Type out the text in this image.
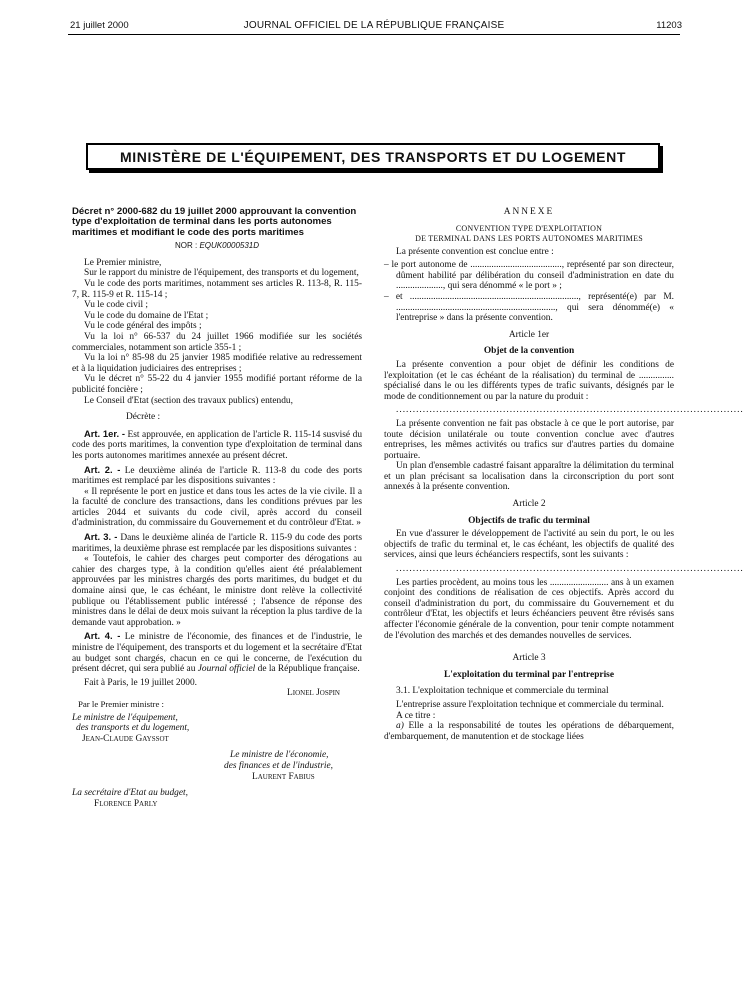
21 juillet 2000	JOURNAL OFFICIEL DE LA RÉPUBLIQUE FRANÇAISE	11203
MINISTÈRE DE L'ÉQUIPEMENT, DES TRANSPORTS ET DU LOGEMENT
Décret n° 2000-682 du 19 juillet 2000 approuvant la convention type d'exploitation de terminal dans les ports autonomes maritimes et modifiant le code des ports maritimes
NOR : EQUK0000531D

Le Premier ministre,

Sur le rapport du ministre de l'équipement, des transports et du logement,

Vu le code des ports maritimes, notamment ses articles R. 113-8, R. 115-7, R. 115-9 et R. 115-14 ;

Vu le code civil ;

Vu le code du domaine de l'Etat ;

Vu le code général des impôts ;

Vu la loi n° 66-537 du 24 juillet 1966 modifiée sur les sociétés commerciales, notamment son article 355-1 ;

Vu la loi n° 85-98 du 25 janvier 1985 modifiée relative au redressement et à la liquidation judiciaires des entreprises ;

Vu le décret n° 55-22 du 4 janvier 1955 modifié portant réforme de la publicité foncière ;

Le Conseil d'Etat (section des travaux publics) entendu,

Décrète :

Art. 1er. - Est approuvée, en application de l'article R. 115-14 susvisé du code des ports maritimes, la convention type d'exploitation de terminal dans les ports autonomes maritimes annexée au présent décret.

Art. 2. - Le deuxième alinéa de l'article R. 113-8 du code des ports maritimes est remplacé par les dispositions suivantes :

« Il représente le port en justice et dans tous les actes de la vie civile. Il a la faculté de conclure des transactions, dans les conditions prévues par les articles 2044 et suivants du code civil, après accord du conseil d'administration, du commissaire du Gouvernement et du contrôleur d'Etat. »

Art. 3. - Dans le deuxième alinéa de l'article R. 115-9 du code des ports maritimes, la deuxième phrase est remplacée par les dispositions suivantes :

« Toutefois, le cahier des charges peut comporter des dérogations au cahier des charges type, à la condition qu'elles aient été préalablement approuvées par les ministres chargés des ports maritimes, du budget et du domaine ainsi que, le cas échéant, le ministre dont relève la collectivité publique ou l'établissement public intéressé ; l'absence de réponse des ministres dans le délai de deux mois suivant la réception la plus tardive de la demande vaut approbation. »

Art. 4. - Le ministre de l'économie, des finances et de l'industrie, le ministre de l'équipement, des transports et du logement et la secrétaire d'Etat au budget sont chargés, chacun en ce qui le concerne, de l'exécution du présent décret, qui sera publié au Journal officiel de la République française.

Fait à Paris, le 19 juillet 2000.

Lionel Jospin

Par le Premier ministre :

Le ministre de l'équipement,
des transports et du logement,
Jean-Claude Gayssot
Le ministre de l'économie,
des finances et de l'industrie,
Laurent Fabius
La secrétaire d'Etat au budget,
Florence Parly
ANNEXE
CONVENTION TYPE D'EXPLOITATION
DE TERMINAL DANS LES PORTS AUTONOMES MARITIMES

La présente convention est conclue entre :

– le port autonome de ......................................., représenté par son directeur, dûment habilité par délibération du conseil d'administration en date du ...................., qui sera dénommé « le port » ;

– et ........................................................................, représenté(e) par M. ...................................................................., qui sera dénommé(e) « l'entreprise » dans la présente convention.

Article 1er
Objet de la convention

La présente convention a pour objet de définir les conditions de l'exploitation (et le cas échéant de la réalisation) du terminal de ............... spécialisé dans le ou les différents types de trafic suivants, désignés par le mode de conditionnement ou par la nature du produit :

........................................................................................................

La présente convention ne fait pas obstacle à ce que le port autorise, par toute décision unilatérale ou toute convention conclue avec d'autres entreprises, les mêmes activités ou trafics sur d'autres parties du domaine portuaire.

Un plan d'ensemble cadastré faisant apparaître la délimitation du terminal et un plan précisant sa localisation dans la circonscription du port sont annexés à la présente convention.

Article 2
Objectifs de trafic du terminal

En vue d'assurer le développement de l'activité au sein du port, le ou les objectifs de trafic du terminal et, le cas échéant, les objectifs de qualité des services, ainsi que leurs échéanciers respectifs, sont les suivants :

........................................................................................................

Les parties procèdent, au moins tous les ......................... ans à un examen conjoint des conditions de réalisation de ces objectifs. Après accord du conseil d'administration du port, du commissaire du Gouvernement et du contrôleur d'Etat, les objectifs et leurs échéanciers peuvent être révisés sans affecter l'économie générale de la convention, pour tenir compte notamment de l'évolution des marchés et des demandes nouvelles de services.

Article 3
L'exploitation du terminal par l'entreprise

3.1. L'exploitation technique et commerciale du terminal

L'entreprise assure l'exploitation technique et commerciale du terminal.

A ce titre :

a) Elle a la responsabilité de toutes les opérations de débarquement, d'embarquement, de manutention et de stockage liées
